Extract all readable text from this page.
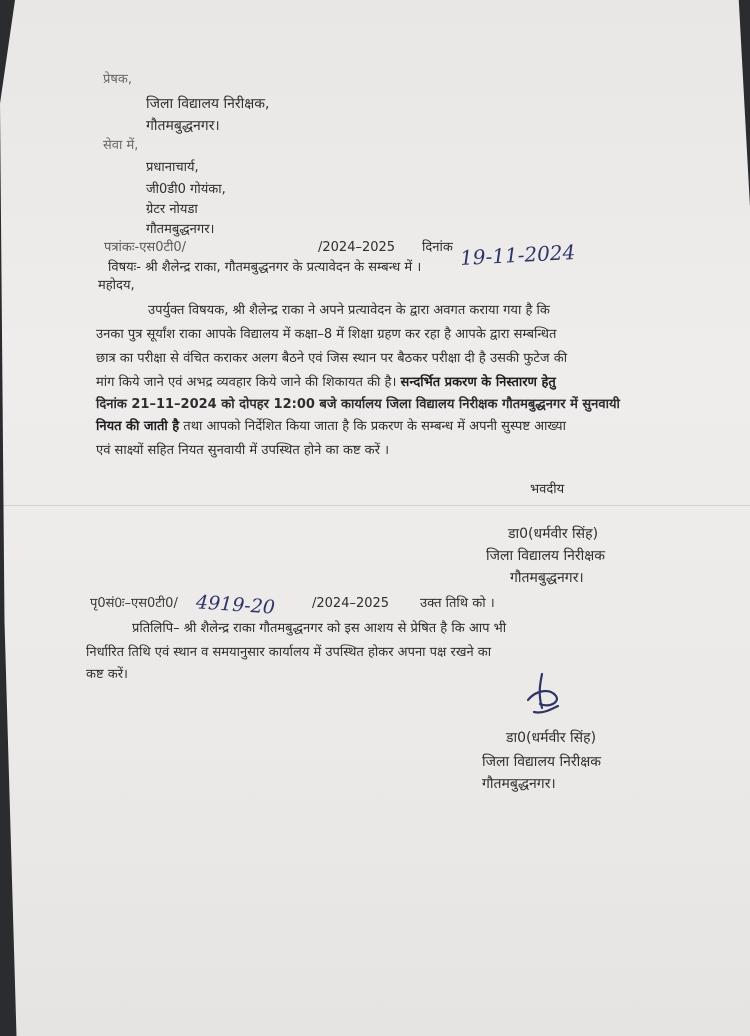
प्रेषक,
जिला विद्यालय निरीक्षक,
गौतमबुद्धनगर।
सेवा में,
प्रधानाचार्य,
जी0डी0 गोयंका,
ग्रेटर नोयडा
गौतमबुद्धनगर।
पत्रांकः-एस0टी0/	/2024–2025 दिनांक 19-11-2024
विषयः- श्री शैलेन्द्र राका, गौतमबुद्धनगर के प्रत्यावेदन के सम्बन्ध में ।
महोदय,
उपर्युक्त विषयक, श्री शैलेन्द्र राका ने अपने प्रत्यावेदन के द्वारा अवगत कराया गया है कि
उनका पुत्र सूर्यांश राका आपके विद्यालय में कक्षा–8 में शिक्षा ग्रहण कर रहा है आपके द्वारा सम्बन्धित
छात्र का परीक्षा से वंचित कराकर अलग बैठने एवं जिस स्थान पर बैठकर परीक्षा दी है उसकी फुटेज की
मांग किये जाने एवं अभद्र व्यवहार किये जाने की शिकायत की है। सन्दर्भित प्रकरण के निस्तारण हेतु
दिनांक 21–11–2024 को दोपहर 12:00 बजे कार्यालय जिला विद्यालय निरीक्षक गौतमबुद्धनगर में सुनवायी
नियत की जाती है तथा आपको निर्देशित किया जाता है कि प्रकरण के सम्बन्ध में अपनी सुस्पष्ट आख्या
एवं साक्ष्यों सहित नियत सुनवायी में उपस्थित होने का कष्ट करें ।
भवदीय
डा0(धर्मवीर सिंह)
जिला विद्यालय निरीक्षक
गौतमबुद्धनगर।
पृ0सं0ः–एस0टी0/ 4919-20	/2024–2025 उक्त तिथि को ।
प्रतिलिपि– श्री शैलेन्द्र राका गौतमबुद्धनगर को इस आशय से प्रेषित है कि आप भी
निर्धारित तिथि एवं स्थान व समयानुसार कार्यालय में उपस्थित होकर अपना पक्ष रखने का
कष्ट करें।
डा0(धर्मवीर सिंह)
जिला विद्यालय निरीक्षक
गौतमबुद्धनगर।
